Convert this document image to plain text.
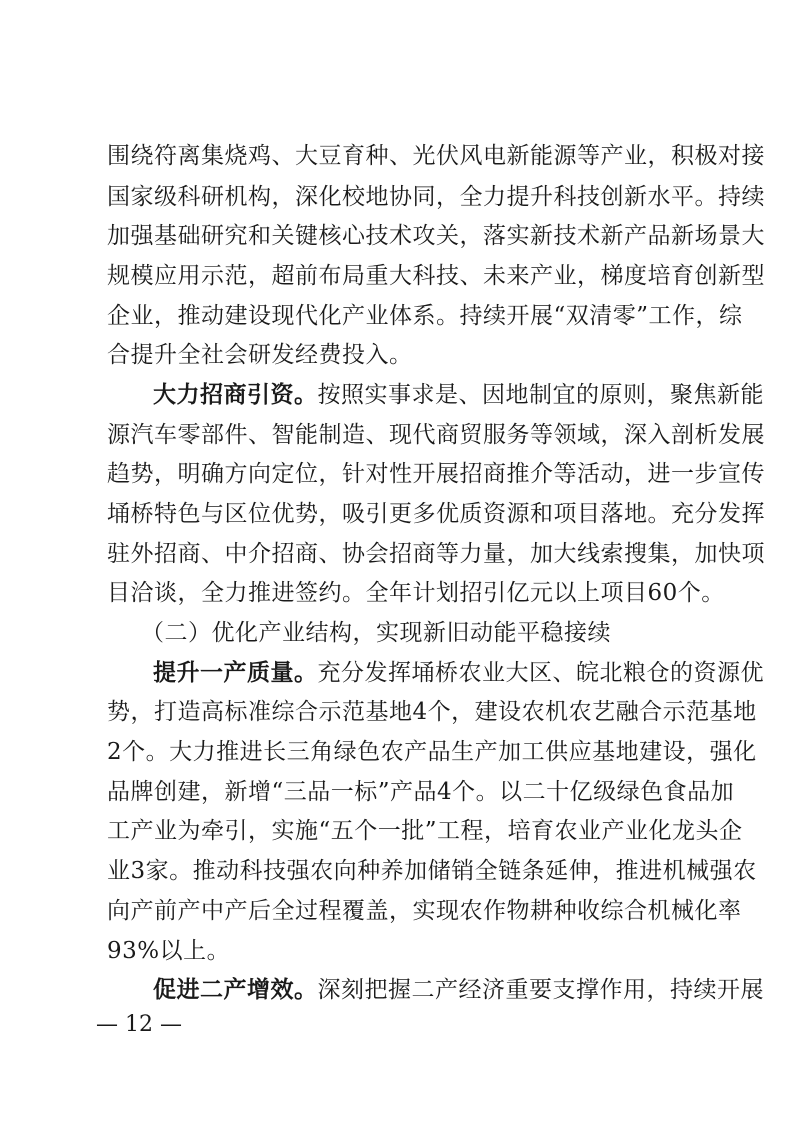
围绕符离集烧鸡、大豆育种、光伏风电新能源等产业，积极对接
国家级科研机构，深化校地协同，全力提升科技创新水平。持续
加强基础研究和关键核心技术攻关，落实新技术新产品新场景大
规模应用示范，超前布局重大科技、未来产业，梯度培育创新型
企业，推动建设现代化产业体系。持续开展“双清零”工作，综
合提升全社会研发经费投入。
大力招商引资。按照实事求是、因地制宜的原则，聚焦新能
源汽车零部件、智能制造、现代商贸服务等领域，深入剖析发展
趋势，明确方向定位，针对性开展招商推介等活动，进一步宣传
埇桥特色与区位优势，吸引更多优质资源和项目落地。充分发挥
驻外招商、中介招商、协会招商等力量，加大线索搜集，加快项
目洽谈，全力推进签约。全年计划招引亿元以上项目60个。
（二）优化产业结构，实现新旧动能平稳接续
提升一产质量。充分发挥埇桥农业大区、皖北粮仓的资源优
势，打造高标准综合示范基地4个，建设农机农艺融合示范基地
2个。大力推进长三角绿色农产品生产加工供应基地建设，强化
品牌创建，新增“三品一标”产品4个。以二十亿级绿色食品加
工产业为牵引，实施“五个一批”工程，培育农业产业化龙头企
业3家。推动科技强农向种养加储销全链条延伸，推进机械强农
向产前产中产后全过程覆盖，实现农作物耕种收综合机械化率
93%以上。
促进二产增效。深刻把握二产经济重要支撑作用，持续开展
— 12 —
